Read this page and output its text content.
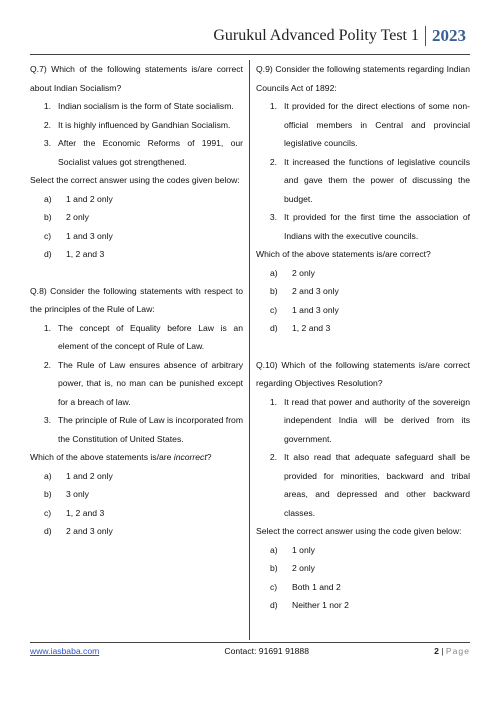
Gurukul Advanced Polity Test 1 2023
Q.7) Which of the following statements is/are correct about Indian Socialism?
1. Indian socialism is the form of State socialism.
2. It is highly influenced by Gandhian Socialism.
3. After the Economic Reforms of 1991, our Socialist values got strengthened.
Select the correct answer using the codes given below:
a)	1 and 2 only
b)	2 only
c)	1 and 3 only
d)	1, 2 and 3
Q.8) Consider the following statements with respect to the principles of the Rule of Law:
1. The concept of Equality before Law is an element of the concept of Rule of Law.
2. The Rule of Law ensures absence of arbitrary power, that is, no man can be punished except for a breach of law.
3. The principle of Rule of Law is incorporated from the Constitution of United States.
Which of the above statements is/are incorrect?
a)	1 and 2 only
b)	3 only
c)	1, 2 and 3
d)	2 and 3 only
Q.9) Consider the following statements regarding Indian Councils Act of 1892:
1. It provided for the direct elections of some non-official members in Central and provincial legislative councils.
2. It increased the functions of legislative councils and gave them the power of discussing the budget.
3. It provided for the first time the association of Indians with the executive councils.
Which of the above statements is/are correct?
a)	2 only
b)	2 and 3 only
c)	1 and 3 only
d)	1, 2 and 3
Q.10) Which of the following statements is/are correct regarding Objectives Resolution?
1. It read that power and authority of the sovereign independent India will be derived from its government.
2. It also read that adequate safeguard shall be provided for minorities, backward and tribal areas, and depressed and other backward classes.
Select the correct answer using the code given below:
a)	1 only
b)	2 only
c)	Both 1 and 2
d)	Neither 1 nor 2
www.iasbaba.com	Contact: 91691 91888	2 | Page
